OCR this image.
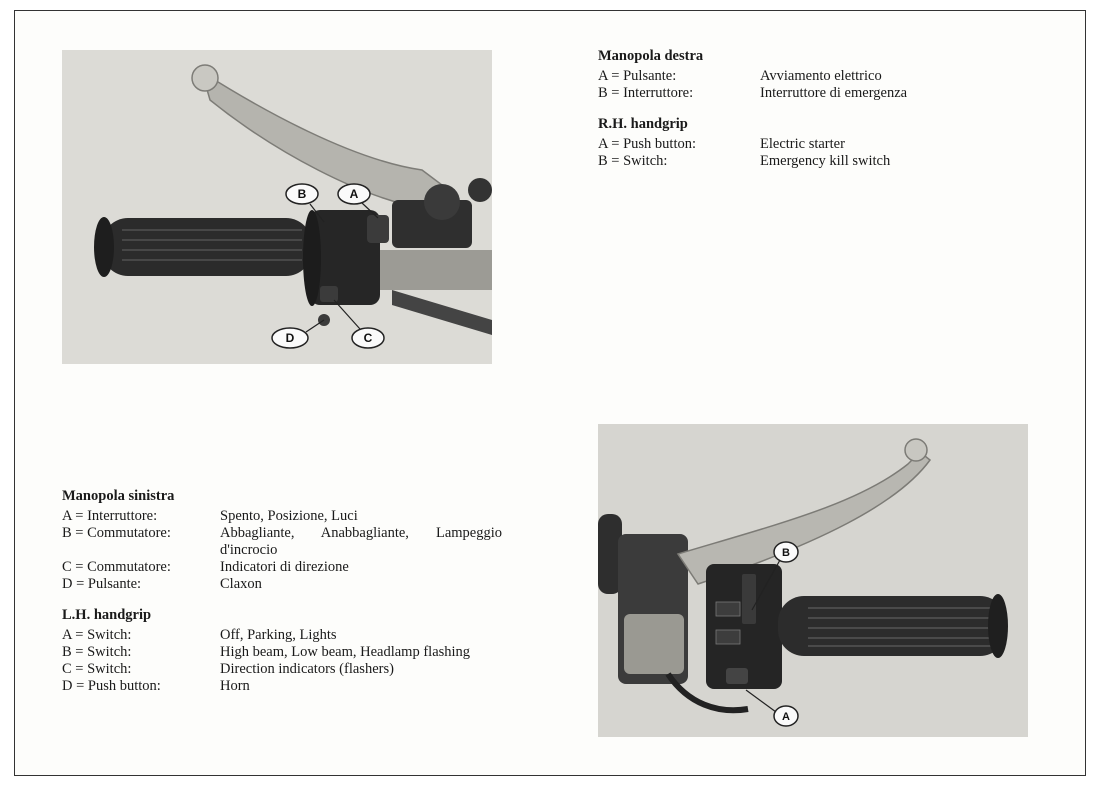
B	A
D	C
B
A
Manopola destra
A = Pulsante:	Avviamento elettrico
B = Interruttore:	Interruttore di emergenza
R.H. handgrip
A = Push button:	Electric starter
B = Switch:	Emergency kill switch
Manopola sinistra
A = Interruttore:	Spento, Posizione, Luci
B = Commutatore:	Abbagliante, Anabbagliante, Lampeggio d'incrocio
C = Commutatore:	Indicatori di direzione
D = Pulsante:	Claxon
L.H. handgrip
A = Switch:	Off, Parking, Lights
B = Switch:	High beam, Low beam, Headlamp flashing
C = Switch:	Direction indicators (flashers)
D = Push button:	Horn
